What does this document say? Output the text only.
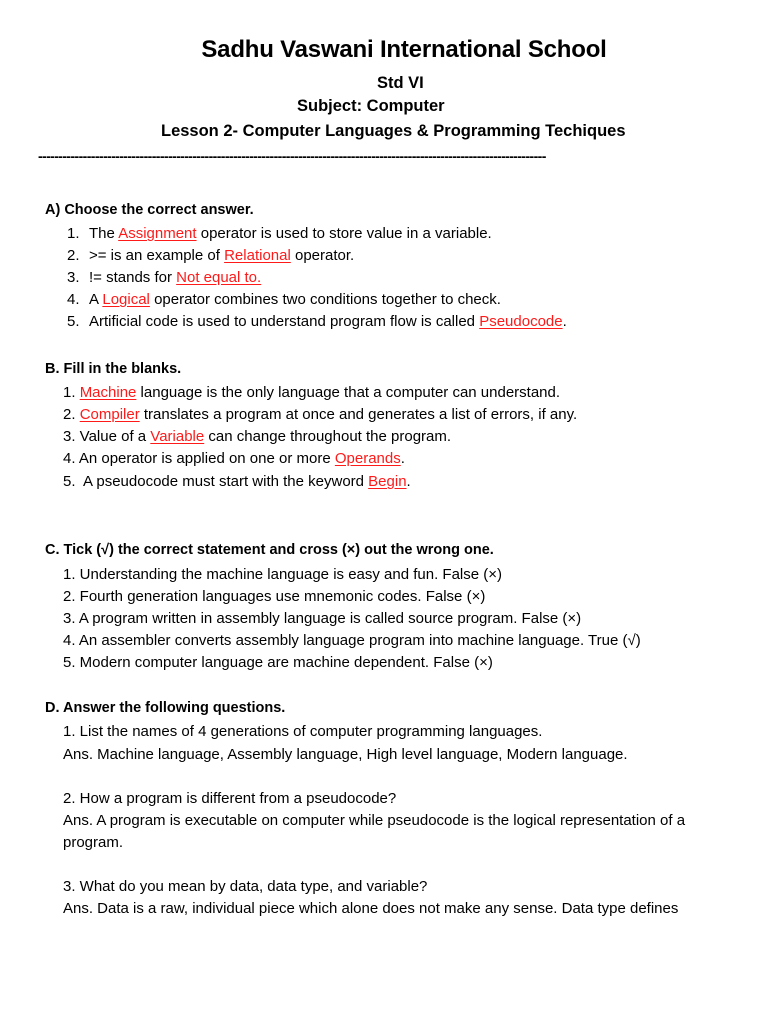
Sadhu Vaswani International School
Std VI
Subject: Computer
Lesson 2- Computer Languages & Programming Techiques
-----------------------------------------------------------------------------------------------------------------------------
A) Choose the correct answer.
1. The Assignment operator is used to store value in a variable.
2. >= is an example of Relational operator.
3. != stands for Not equal to.
4. A Logical operator combines two conditions together to check.
5. Artificial code is used to understand program flow is called Pseudocode.
B. Fill in the blanks.
1. Machine language is the only language that a computer can understand.
2. Compiler translates a program at once and generates a list of errors, if any.
3. Value of a Variable can change throughout the program.
4. An operator is applied on one or more Operands.
5.  A pseudocode must start with the keyword Begin.
C. Tick (√) the correct statement and cross (×) out the wrong one.
1. Understanding the machine language is easy and fun. False (×)
2. Fourth generation languages use mnemonic codes. False (×)
3. A program written in assembly language is called source program. False (×)
4. An assembler converts assembly language program into machine language. True (√)
5. Modern computer language are machine dependent. False (×)
D. Answer the following questions.
1. List the names of 4 generations of computer programming languages.
Ans. Machine language, Assembly language, High level language, Modern language.
2. How a program is different from a pseudocode?
Ans. A program is executable on computer while pseudocode is the logical representation of a
program.
3. What do you mean by data, data type, and variable?
Ans. Data is a raw, individual piece which alone does not make any sense. Data type defines
